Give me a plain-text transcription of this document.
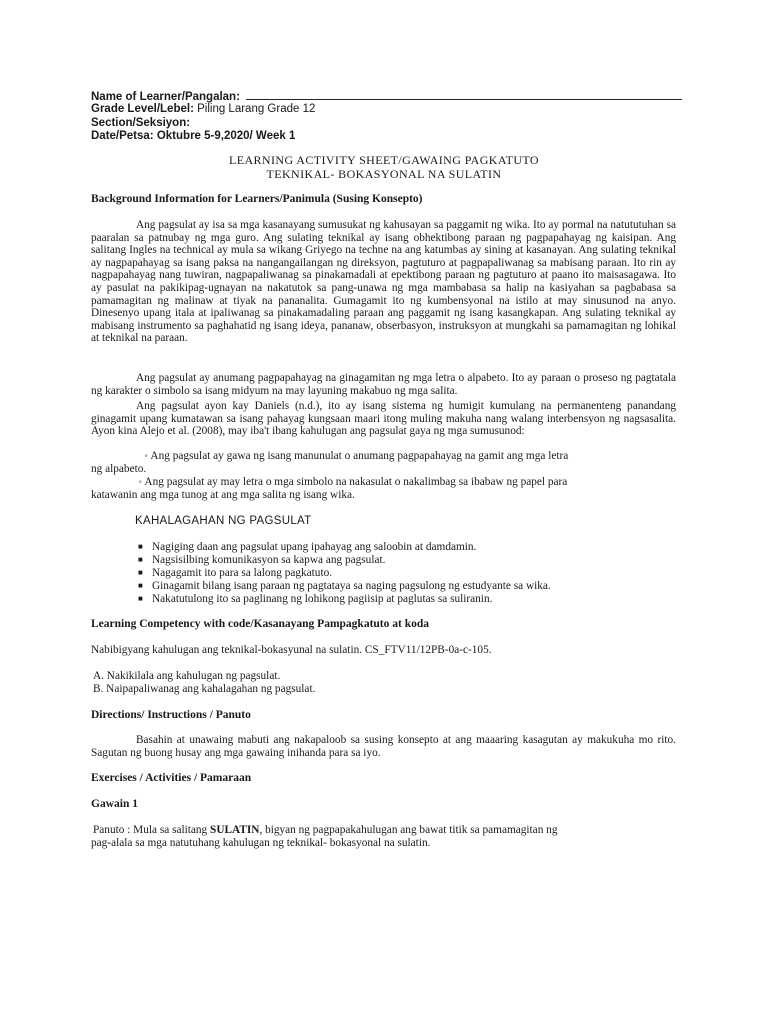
Name of Learner/Pangalan:
Grade Level/Lebel: Piling Larang Grade 12
Section/Seksiyon:
Date/Petsa: Oktubre 5-9,2020/ Week 1
LEARNING ACTIVITY SHEET/GAWAING PAGKATUTO
TEKNIKAL- BOKASYONAL NA SULATIN
Background Information for Learners/Panimula (Susing Konsepto)
Ang pagsulat ay isa sa mga kasanayang sumusukat ng kahusayan sa paggamit ng wika. Ito ay pormal na natututuhan sa paaralan sa patnubay ng mga guro. Ang sulating teknikal ay isang obhektibong paraan ng pagpapahayag ng kaisipan. Ang salitang Ingles na technical ay mula sa wikang Griyego na techne na ang katumbas ay sining at kasanayan. Ang sulating teknikal ay nagpapahayag sa isang paksa na nangangailangan ng direksyon, pagtuturo at pagpapaliwanag sa mabisang paraan. Ito rin ay nagpapahayag nang tuwiran, nagpapaliwanag sa pinakamadali at epektibong paraan ng pagtuturo at paano ito maisasagawa. Ito ay pasulat na pakikipag-ugnayan na nakatutok sa pang-unawa ng mga mambabasa sa halip na kasiyahan sa pagbabasa sa pamamagitan ng malinaw at tiyak na pananalita. Gumagamit ito ng kumbensyonal na istilo at may sinusunod na anyo. Dinesenyo upang itala at ipaliwanag sa pinakamadaling paraan ang paggamit ng isang kasangkapan. Ang sulating teknikal ay mabisang instrumento sa paghahatid ng isang ideya, pananaw, obserbasyon, instruksyon at mungkahi sa pamamagitan ng lohikal at teknikal na paraan.
Ang pagsulat ay anumang pagpapahayag na ginagamitan ng mga letra o alpabeto. Ito ay paraan o proseso ng pagtatala ng karakter o simbolo sa isang midyum na may layuning makabuo ng mga salita.
Ang pagsulat ayon kay Daniels (n.d.), ito ay isang sistema ng humigit kumulang na permanenteng panandang ginagamit upang kumatawan sa isang pahayag kungsaan maari itong muling makuha nang walang interbensyon ng nagsasalita. Ayon kina Alejo et al. (2008), may iba't ibang kahulugan ang pagsulat gaya ng mga sumusunod:
ᵸ Ang pagsulat ay gawa ng isang manunulat o anumang pagpapahayag na gamit ang mga letra
ng alpabeto.
ᵸ Ang pagsulat ay may letra o mga simbolo na nakasulat o nakalimbag sa ibabaw ng papel para
katawanin ang mga tunog at ang mga salita ng isang wika.
KAHALAGAHAN NG PAGSULAT
■ Nagiging daan ang pagsulat upang ipahayag ang saloobin at damdamin.
■ Nagsisilbing komunikasyon sa kapwa ang pagsulat.
■ Nagagamit ito para sa lalong pagkatuto.
■ Ginagamit bilang isang paraan ng pagtataya sa naging pagsulong ng estudyante sa wika.
■ Nakatutulong ito sa paglinang ng lohikong pagiisip at paglutas sa suliranin.
Learning Competency with code/Kasanayang Pampagkatuto at koda
Nabibigyang kahulugan ang teknikal-bokasyunal na sulatin. CS_FTV11/12PB-0a-c-105.
A. Nakikilala ang kahulugan ng pagsulat.
B. Naipapaliwanag ang kahalagahan ng pagsulat.
Directions/ Instructions / Panuto
Basahin at unawaing mabuti ang nakapaloob sa susing konsepto at ang maaaring kasagutan ay makukuha mo rito. Sagutan ng buong husay ang mga gawaing inihanda para sa iyo.
Exercises / Activities / Pamaraan
Gawain 1
Panuto : Mula sa salitang SULATIN, bigyan ng pagpapakahulugan ang bawat titik sa pamamagitan ng
pag-alala sa mga natutuhang kahulugan ng teknikal- bokasyonal na sulatin.
